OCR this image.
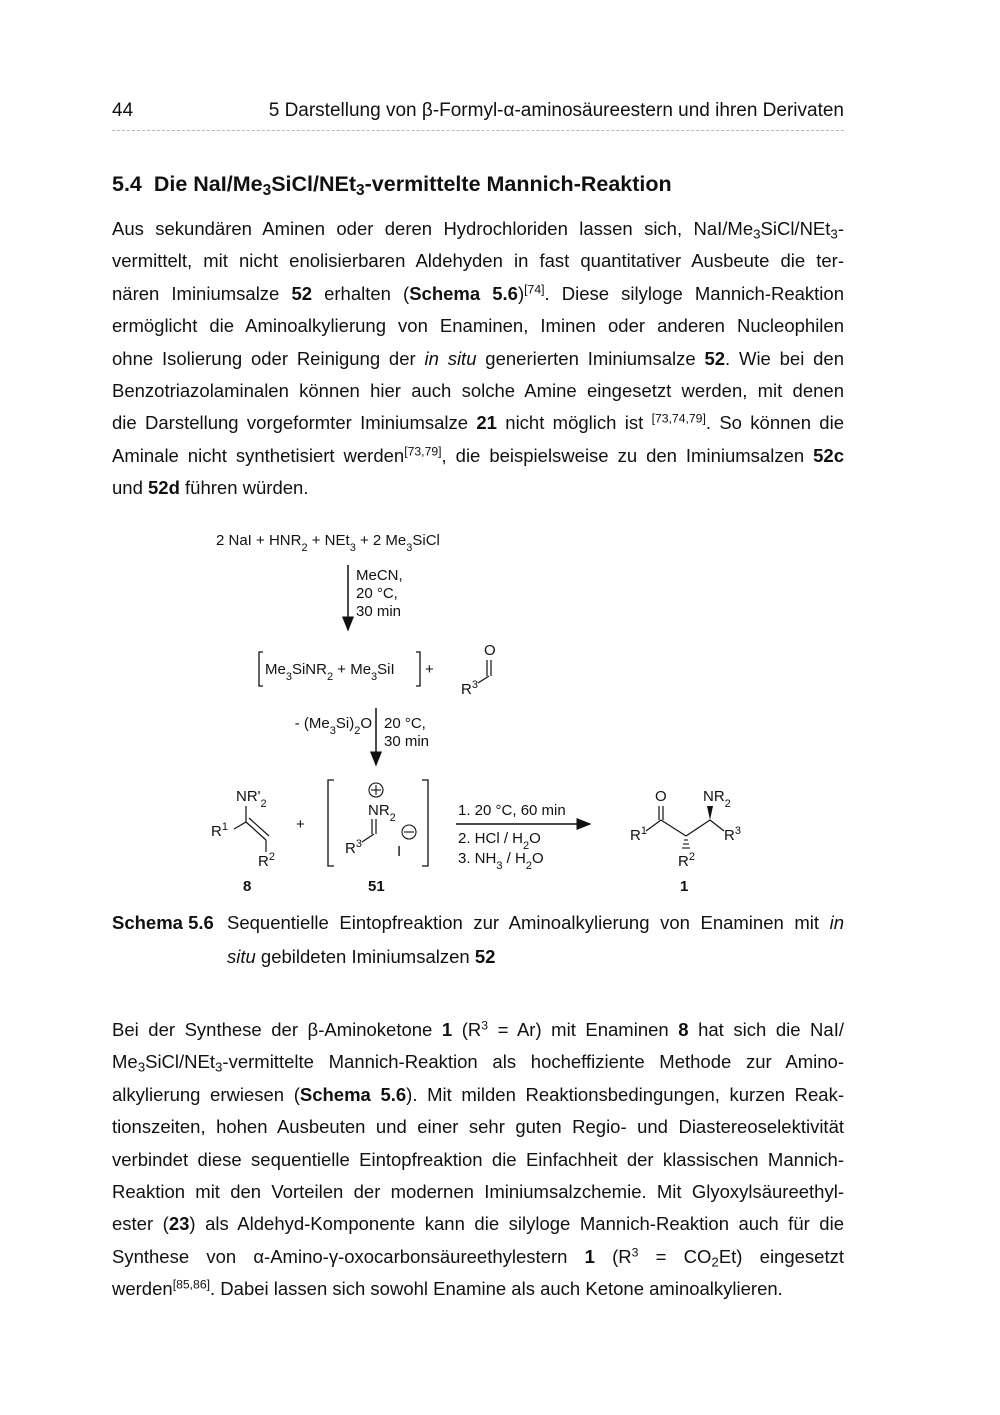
44	5 Darstellung von β-Formyl-α-aminosäureestern und ihren Derivaten
5.4 Die NaI/$Me_3SiCl/NEt_3$-vermittelte Mannich-Reaktion
Aus sekundären Aminen oder deren Hydrochloriden lassen sich, NaI/$Me_3SiCl/NEt_3-$
vermittelt, mit nicht enolisierbaren Aldehyden in fast quantitativer Ausbeute die ter-
nären Iminiumsalze 52 erhalten (Schema 5.6)[74]. Diese silyloge Mannich-Reaktion
ermöglicht die Aminoalkylierung von Enaminen, Iminen oder anderen Nucleophilen
ohne Isolierung oder Reinigung der in situ generierten Iminiumsalze 52. Wie bei den
Benzotriazolaminalen können hier auch solche Amine eingesetzt werden, mit denen
die Darstellung vorgeformter Iminiumsalze 21 nicht möglich ist [73,74,79]. So können die
Aminale nicht synthetisiert werden[73,79], die beispielsweise zu den Iminiumsalzen 52c
und 52d führen würden.
2 NaI + $HNR_2 + NEt_3 + 2$ $Me_3SiCl$
MeCN,
20 °C,
30 min
$Me_3SiNR_2 + Me_3SiI$ +
O
$R^3$
- $(Me_3Si)_2O$ 20 °C,
30 min
$NR'_2$
$R^1$
$R^2$
+
8
$NR_2$
$R^3$ I
51
1. 20 °C, 60 min
2. HCl / $H_2O$
3. $NH_3 / H_2O$
O $NR_2$
$R^1$	$R^3$
$R^2$
1
Schema 5.6 Sequentielle Eintopfreaktion zur Aminoalkylierung von Enaminen mit in
situ gebildeten Iminiumsalzen 52
Bei der Synthese der β-Aminoketone 1 $(R^3 = Ar)$ mit Enaminen 8 hat sich die NaI/
$Me_3SiCl/NEt_3$-vermittelte Mannich-Reaktion als hocheffiziente Methode zur Amino-
alkylierung erwiesen (Schema 5.6). Mit milden Reaktionsbedingungen, kurzen Reak-
tionszeiten, hohen Ausbeuten und einer sehr guten Regio- und Diastereoselektivität
verbindet diese sequentielle Eintopfreaktion die Einfachheit der klassischen Mannich-
Reaktion mit den Vorteilen der modernen Iminiumsalzchemie. Mit Glyoxylsäureethyl-
ester (23) als Aldehyd-Komponente kann die silyloge Mannich-Reaktion auch für die
Synthese von α-Amino-γ-oxocarbonsäureethylestern 1 $(R^3 = CO_2Et)$ eingesetzt
werden[85,86]. Dabei lassen sich sowohl Enamine als auch Ketone aminoalkylieren.
